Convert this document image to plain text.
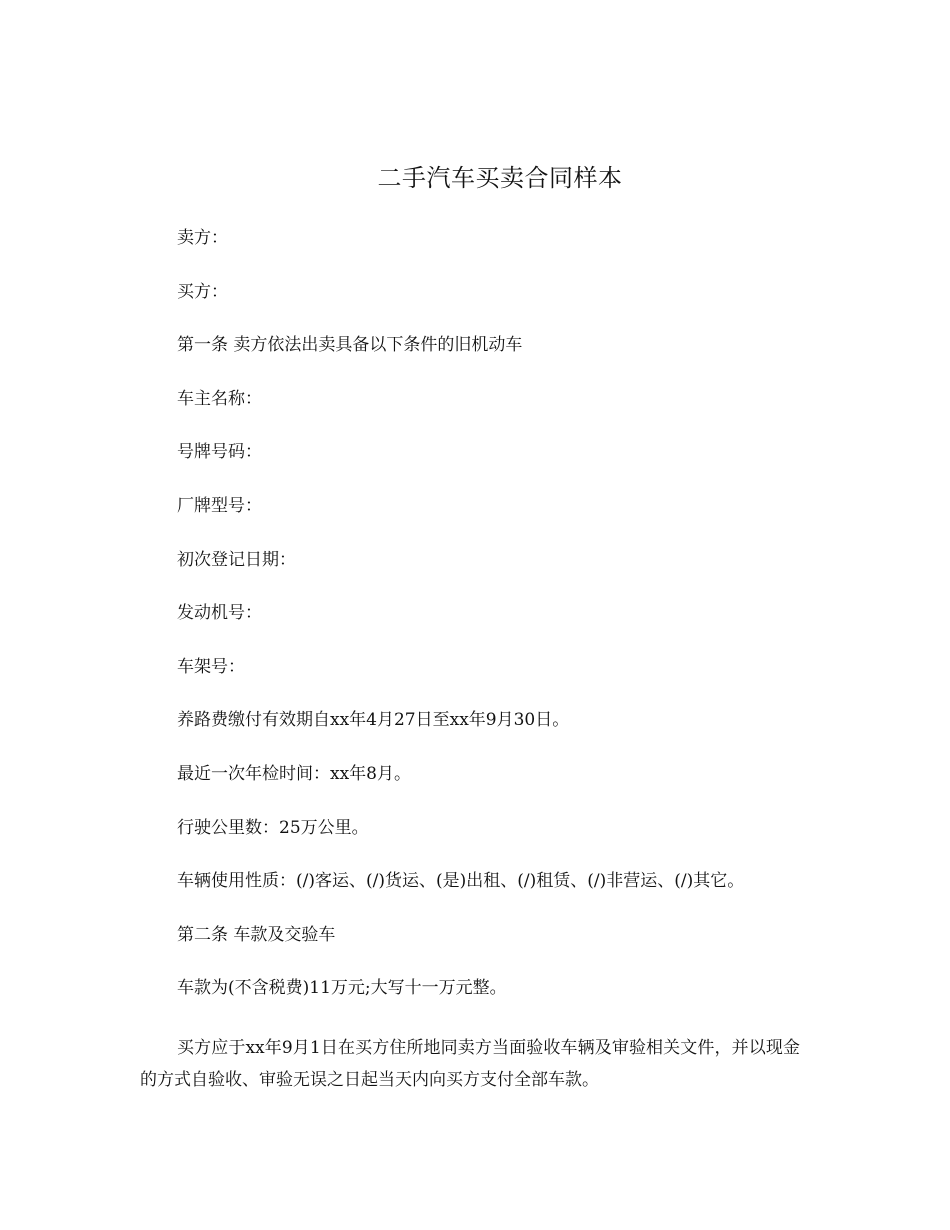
二手汽车买卖合同样本

卖方：

买方：

第一条 卖方依法出卖具备以下条件的旧机动车

车主名称：

号牌号码：

厂牌型号：

初次登记日期：

发动机号：

车架号：

养路费缴付有效期自xx年4月27日至xx年9月30日。

最近一次年检时间：xx年8月。

行驶公里数：25万公里。

车辆使用性质：(/)客运、(/)货运、(是)出租、(/)租赁、(/)非营运、(/)其它。

第二条 车款及交验车

车款为(不含税费)11万元;大写十一万元整。

买方应于xx年9月1日在买方住所地同卖方当面验收车辆及审验相关文件，并以现金的方式自验收、审验无误之日起当天内向买方支付全部车款。
